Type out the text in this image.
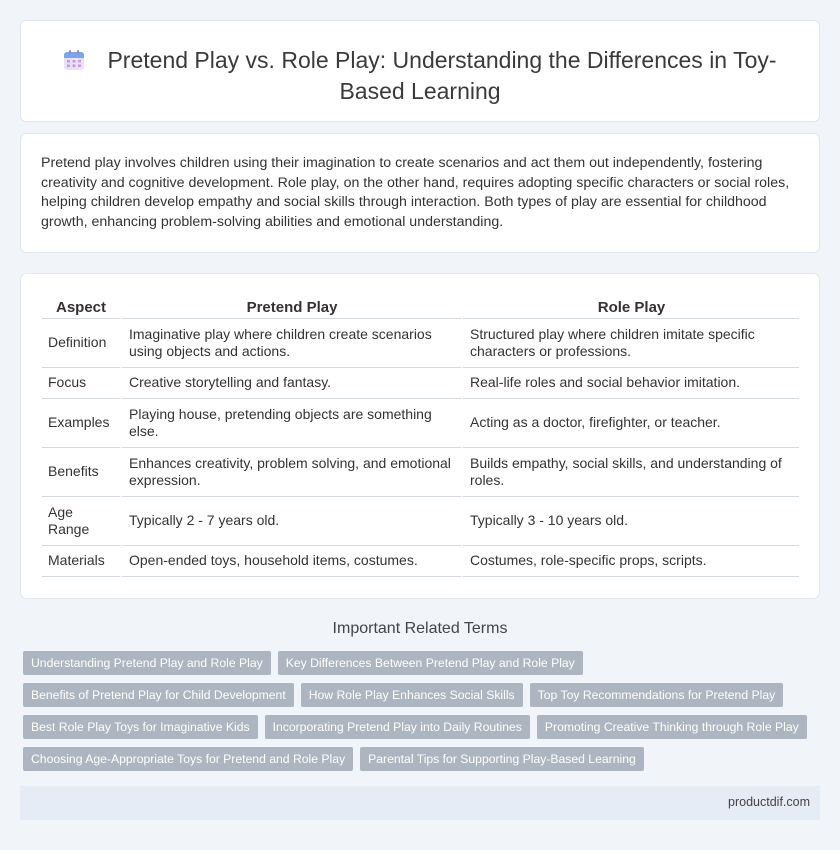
Pretend Play vs. Role Play: Understanding the Differences in Toy-Based Learning

Pretend play involves children using their imagination to create scenarios and act them out independently, fostering creativity and cognitive development. Role play, on the other hand, requires adopting specific characters or social roles, helping children develop empathy and social skills through interaction. Both types of play are essential for childhood growth, enhancing problem-solving abilities and emotional understanding.

Aspect	Pretend Play	Role Play
Definition	Imaginative play where children create scenarios using objects and actions.	Structured play where children imitate specific characters or professions.
Focus	Creative storytelling and fantasy.	Real-life roles and social behavior imitation.
Examples	Playing house, pretending objects are something else.	Acting as a doctor, firefighter, or teacher.
Benefits	Enhances creativity, problem solving, and emotional expression.	Builds empathy, social skills, and understanding of roles.
Age Range	Typically 2 - 7 years old.	Typically 3 - 10 years old.
Materials	Open-ended toys, household items, costumes.	Costumes, role-specific props, scripts.
Important Related Terms
Understanding Pretend Play and Role Play	Key Differences Between Pretend Play and Role Play
Benefits of Pretend Play for Child Development	How Role Play Enhances Social Skills	Top Toy Recommendations for Pretend Play
Best Role Play Toys for Imaginative Kids	Incorporating Pretend Play into Daily Routines	Promoting Creative Thinking through Role Play
Choosing Age-Appropriate Toys for Pretend and Role Play	Parental Tips for Supporting Play-Based Learning
productdif.com
